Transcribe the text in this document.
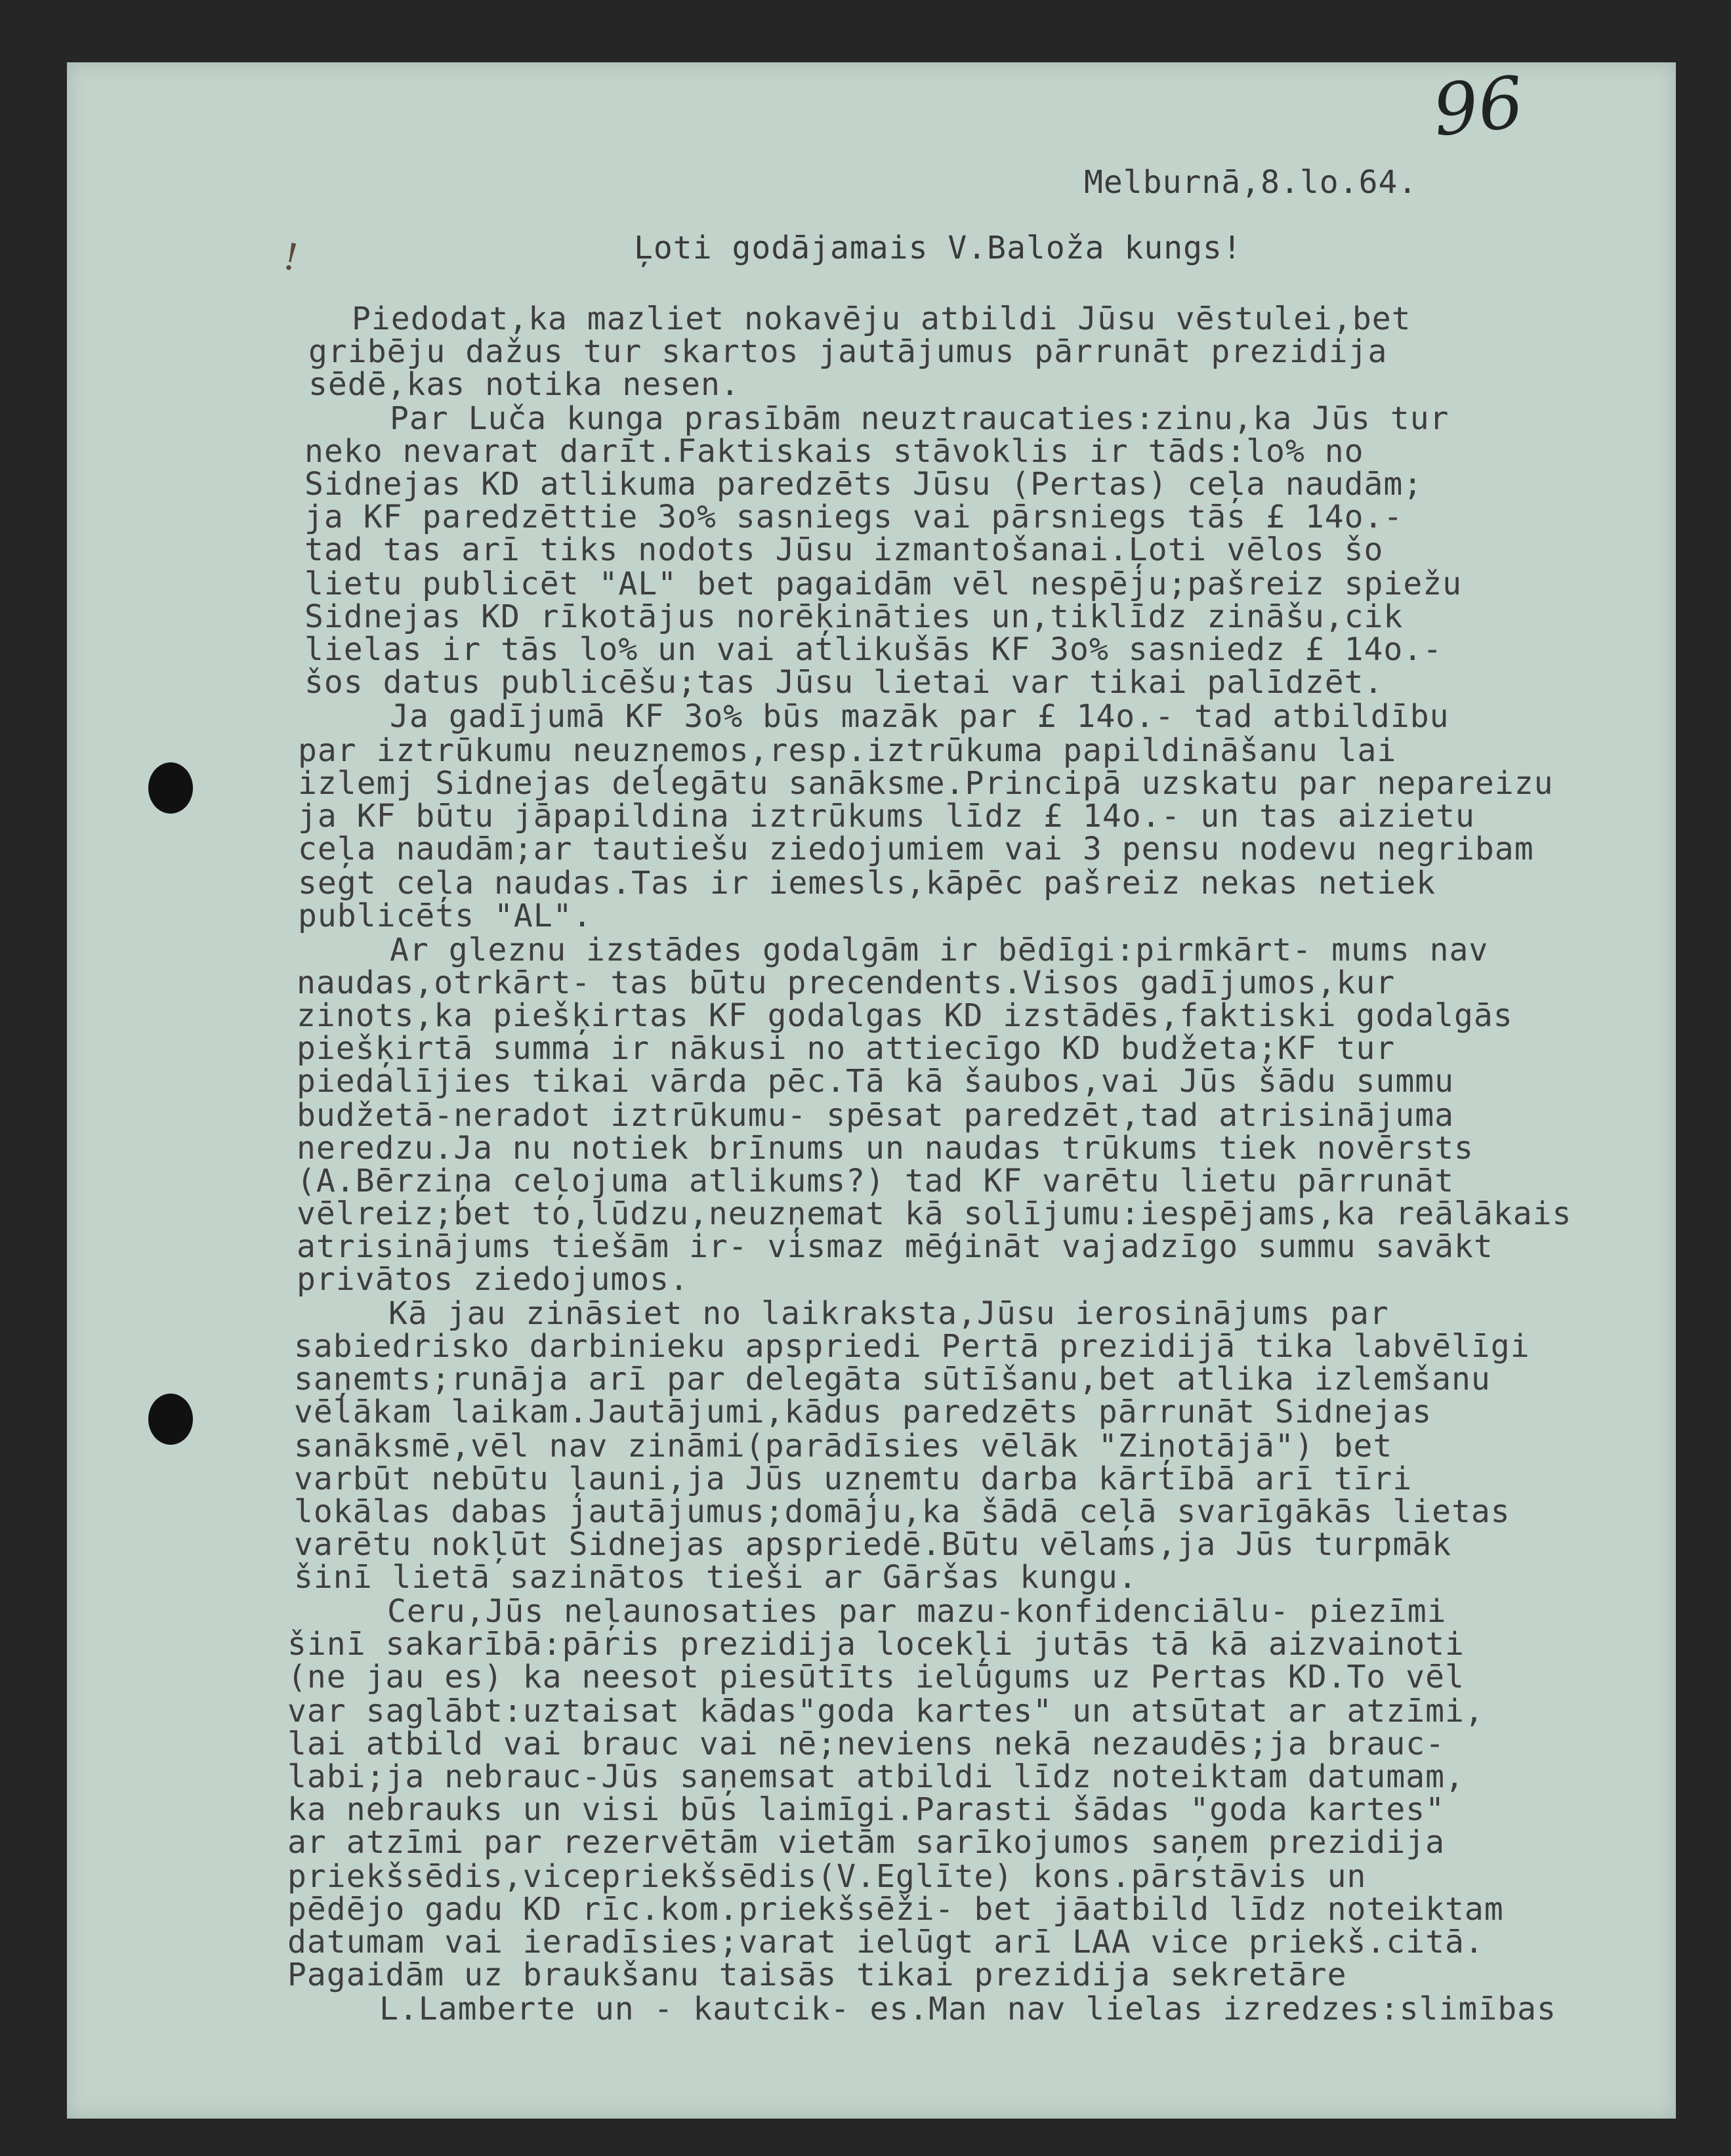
96
!
Melburnā,8.lo.64.
Ļoti godājamais V.Baloža kungs!
Piedodat,ka mazliet nokavēju atbildi Jūsu vēstulei,bet
gribēju dažus tur skartos jautājumus pārrunāt prezidija
sēdē,kas notika nesen.
Par Luča kunga prasībām neuztraucaties:zinu,ka Jūs tur
neko nevarat darīt.Faktiskais stāvoklis ir tāds:lo% no
Sidnejas KD atlikuma paredzēts Jūsu (Pertas) ceļa naudām;
ja KF paredzēttie 3o% sasniegs vai pārsniegs tās £ 14o.-
tad tas arī tiks nodots Jūsu izmantošanai.Ļoti vēlos šo
lietu publicēt "AL" bet pagaidām vēl nespēju;pašreiz spiežu
Sidnejas KD rīkotājus norēķināties un,tiklīdz zināšu,cik
lielas ir tās lo% un vai atlikušās KF 3o% sasniedz £ 14o.-
šos datus publicēšu;tas Jūsu lietai var tikai palīdzēt.
Ja gadījumā KF 3o% būs mazāk par £ 14o.- tad atbildību
par iztrūkumu neuzņemos,resp.iztrūkuma papildināšanu lai
izlemj Sidnejas delegātu sanāksme.Principā uzskatu par nepareizu
ja KF būtu jāpapildina iztrūkums līdz £ 14o.- un tas aizietu
ceļa naudām;ar tautiešu ziedojumiem vai 3 pensu nodevu negribam
segt ceļa naudas.Tas ir iemesls,kāpēc pašreiz nekas netiek
publicēts "AL".
Ar gleznu izstādes godalgām ir bēdīgi:pirmkārt- mums nav
naudas,otrkārt- tas būtu precendents.Visos gadījumos,kur
zinots,ka piešķirtas KF godalgas KD izstādēs,faktiski godalgās
piešķirtā summa ir nākusi no attiecīgo KD budžeta;KF tur
piedalījies tikai vārda pēc.Tā kā šaubos,vai Jūs šādu summu
budžetā-neradot iztrūkumu- spēsat paredzēt,tad atrisinājuma
neredzu.Ja nu notiek brīnums un naudas trūkums tiek novērsts
(A.Bērziņa ceļojuma atlikums?) tad KF varētu lietu pārrunāt
vēlreiz;bet to,lūdzu,neuzņemat kā solījumu:iespējams,ka reālākais
atrisinājums tiešām ir- vismaz mēģināt vajadzīgo summu savākt
privātos ziedojumos.
Kā jau zināsiet no laikraksta,Jūsu ierosinājums par
sabiedrisko darbinieku apspriedi Pertā prezidijā tika labvēlīgi
saņemts;runāja arī par delegāta sūtīšanu,bet atlika izlemšanu
vēlākam laikam.Jautājumi,kādus paredzēts pārrunāt Sidnejas
sanāksmē,vēl nav zināmi(parādīsies vēlāk "Ziņotājā") bet
varbūt nebūtu ļauni,ja Jūs uzņemtu darba kārtībā arī tīri
lokālas dabas jautājumus;domāju,ka šādā ceļā svarīgākās lietas
varētu nokļūt Sidnejas apspriedē.Būtu vēlams,ja Jūs turpmāk
šinī lietā sazinātos tieši ar Gāršas kungu.
Ceru,Jūs neļaunosaties par mazu-konfidenciālu- piezīmi
šinī sakarībā:pāris prezidija locekļi jutās tā kā aizvainoti
(ne jau es) ka neesot piesūtīts ielūgums uz Pertas KD.To vēl
var saglābt:uztaisat kādas"goda kartes" un atsūtat ar atzīmi,
lai atbild vai brauc vai nē;neviens nekā nezaudēs;ja brauc-
labi;ja nebrauc-Jūs saņemsat atbildi līdz noteiktam datumam,
ka nebrauks un visi būs laimīgi.Parasti šādas "goda kartes"
ar atzīmi par rezervētām vietām sarīkojumos saņem prezidija
priekšsēdis,vicepriekšsēdis(V.Eglīte) kons.pārstāvis un
pēdējo gadu KD rīc.kom.priekšsēži- bet jāatbild līdz noteiktam
datumam vai ieradīsies;varat ielūgt arī LAA vice priekš.citā.
Pagaidām uz braukšanu taisās tikai prezidija sekretāre
L.Lamberte un - kautcik- es.Man nav lielas izredzes:slimības
